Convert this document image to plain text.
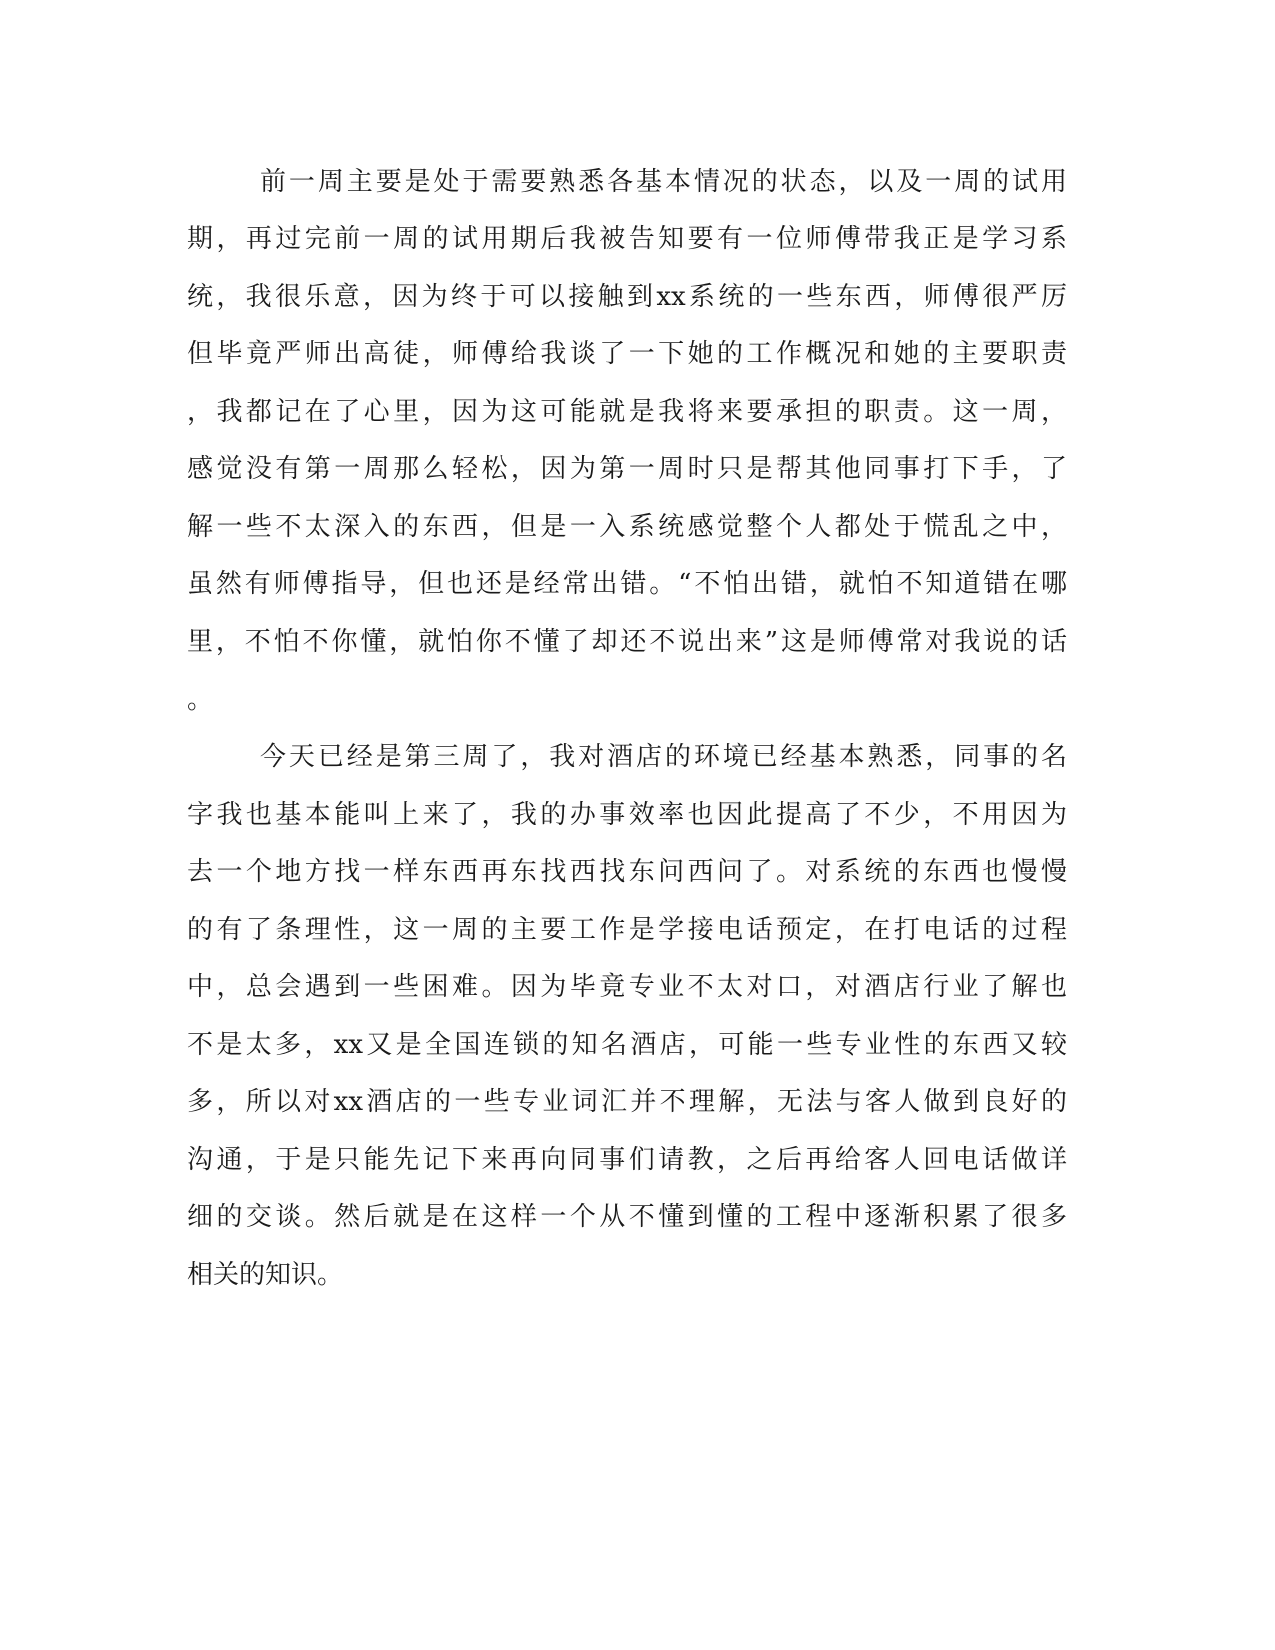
前一周主要是处于需要熟悉各基本情况的状态，以及一周的试用
期，再过完前一周的试用期后我被告知要有一位师傅带我正是学习系
统，我很乐意，因为终于可以接触到xx系统的一些东西，师傅很严厉
但毕竟严师出高徒，师傅给我谈了一下她的工作概况和她的主要职责
，我都记在了心里，因为这可能就是我将来要承担的职责。这一周，
感觉没有第一周那么轻松，因为第一周时只是帮其他同事打下手，了
解一些不太深入的东西，但是一入系统感觉整个人都处于慌乱之中，
虽然有师傅指导，但也还是经常出错。“不怕出错，就怕不知道错在哪
里，不怕不你懂，就怕你不懂了却还不说出来”这是师傅常对我说的话
。
今天已经是第三周了，我对酒店的环境已经基本熟悉，同事的名
字我也基本能叫上来了，我的办事效率也因此提高了不少，不用因为
去一个地方找一样东西再东找西找东问西问了。对系统的东西也慢慢
的有了条理性，这一周的主要工作是学接电话预定，在打电话的过程
中，总会遇到一些困难。因为毕竟专业不太对口，对酒店行业了解也
不是太多，xx又是全国连锁的知名酒店，可能一些专业性的东西又较
多，所以对xx酒店的一些专业词汇并不理解，无法与客人做到良好的
沟通，于是只能先记下来再向同事们请教，之后再给客人回电话做详
细的交谈。然后就是在这样一个从不懂到懂的工程中逐渐积累了很多
相关的知识。
